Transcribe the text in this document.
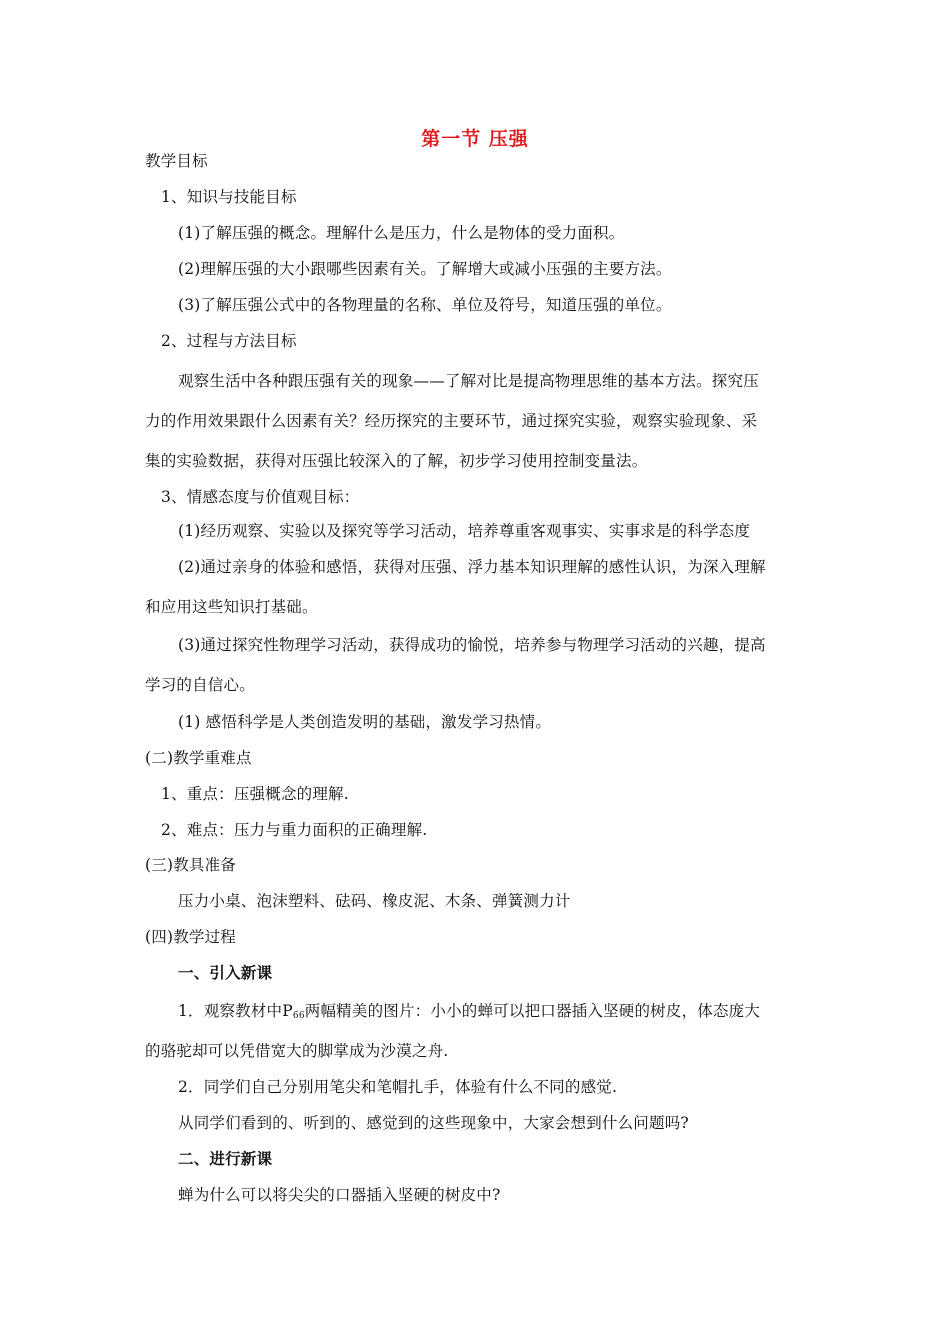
第一节 压强
教学目标
1、知识与技能目标
(1)了解压强的概念。理解什么是压力，什么是物体的受力面积。
(2)理解压强的大小跟哪些因素有关。了解增大或减小压强的主要方法。
(3)了解压强公式中的各物理量的名称、单位及符号，知道压强的单位。
2、过程与方法目标
观察生活中各种跟压强有关的现象——了解对比是提高物理思维的基本方法。探究压
力的作用效果跟什么因素有关？经历探究的主要环节，通过探究实验，观察实验现象、采
集的实验数据，获得对压强比较深入的了解，初步学习使用控制变量法。
3、情感态度与价值观目标：
(1)经历观察、实验以及探究等学习活动，培养尊重客观事实、实事求是的科学态度
(2)通过亲身的体验和感悟，获得对压强、浮力基本知识理解的感性认识，为深入理解
和应用这些知识打基础。
(3)通过探究性物理学习活动，获得成功的愉悦，培养参与物理学习活动的兴趣，提高
学习的自信心。
(1) 感悟科学是人类创造发明的基础，激发学习热情。
(二)教学重难点
1、重点：压强概念的理解.
2、难点：压力与重力面积的正确理解.
(三)教具准备
压力小桌、泡沫塑料、砝码、橡皮泥、木条、弹簧测力计
(四)教学过程
一、引入新课
1．观察教材中$P_{66}$两幅精美的图片：小小的蝉可以把口器插入坚硬的树皮，体态庞大
的骆驼却可以凭借宽大的脚掌成为沙漠之舟.
2．同学们自己分别用笔尖和笔帽扎手，体验有什么不同的感觉.
从同学们看到的、听到的、感觉到的这些现象中，大家会想到什么问题吗?
二、进行新课
蝉为什么可以将尖尖的口器插入坚硬的树皮中?
